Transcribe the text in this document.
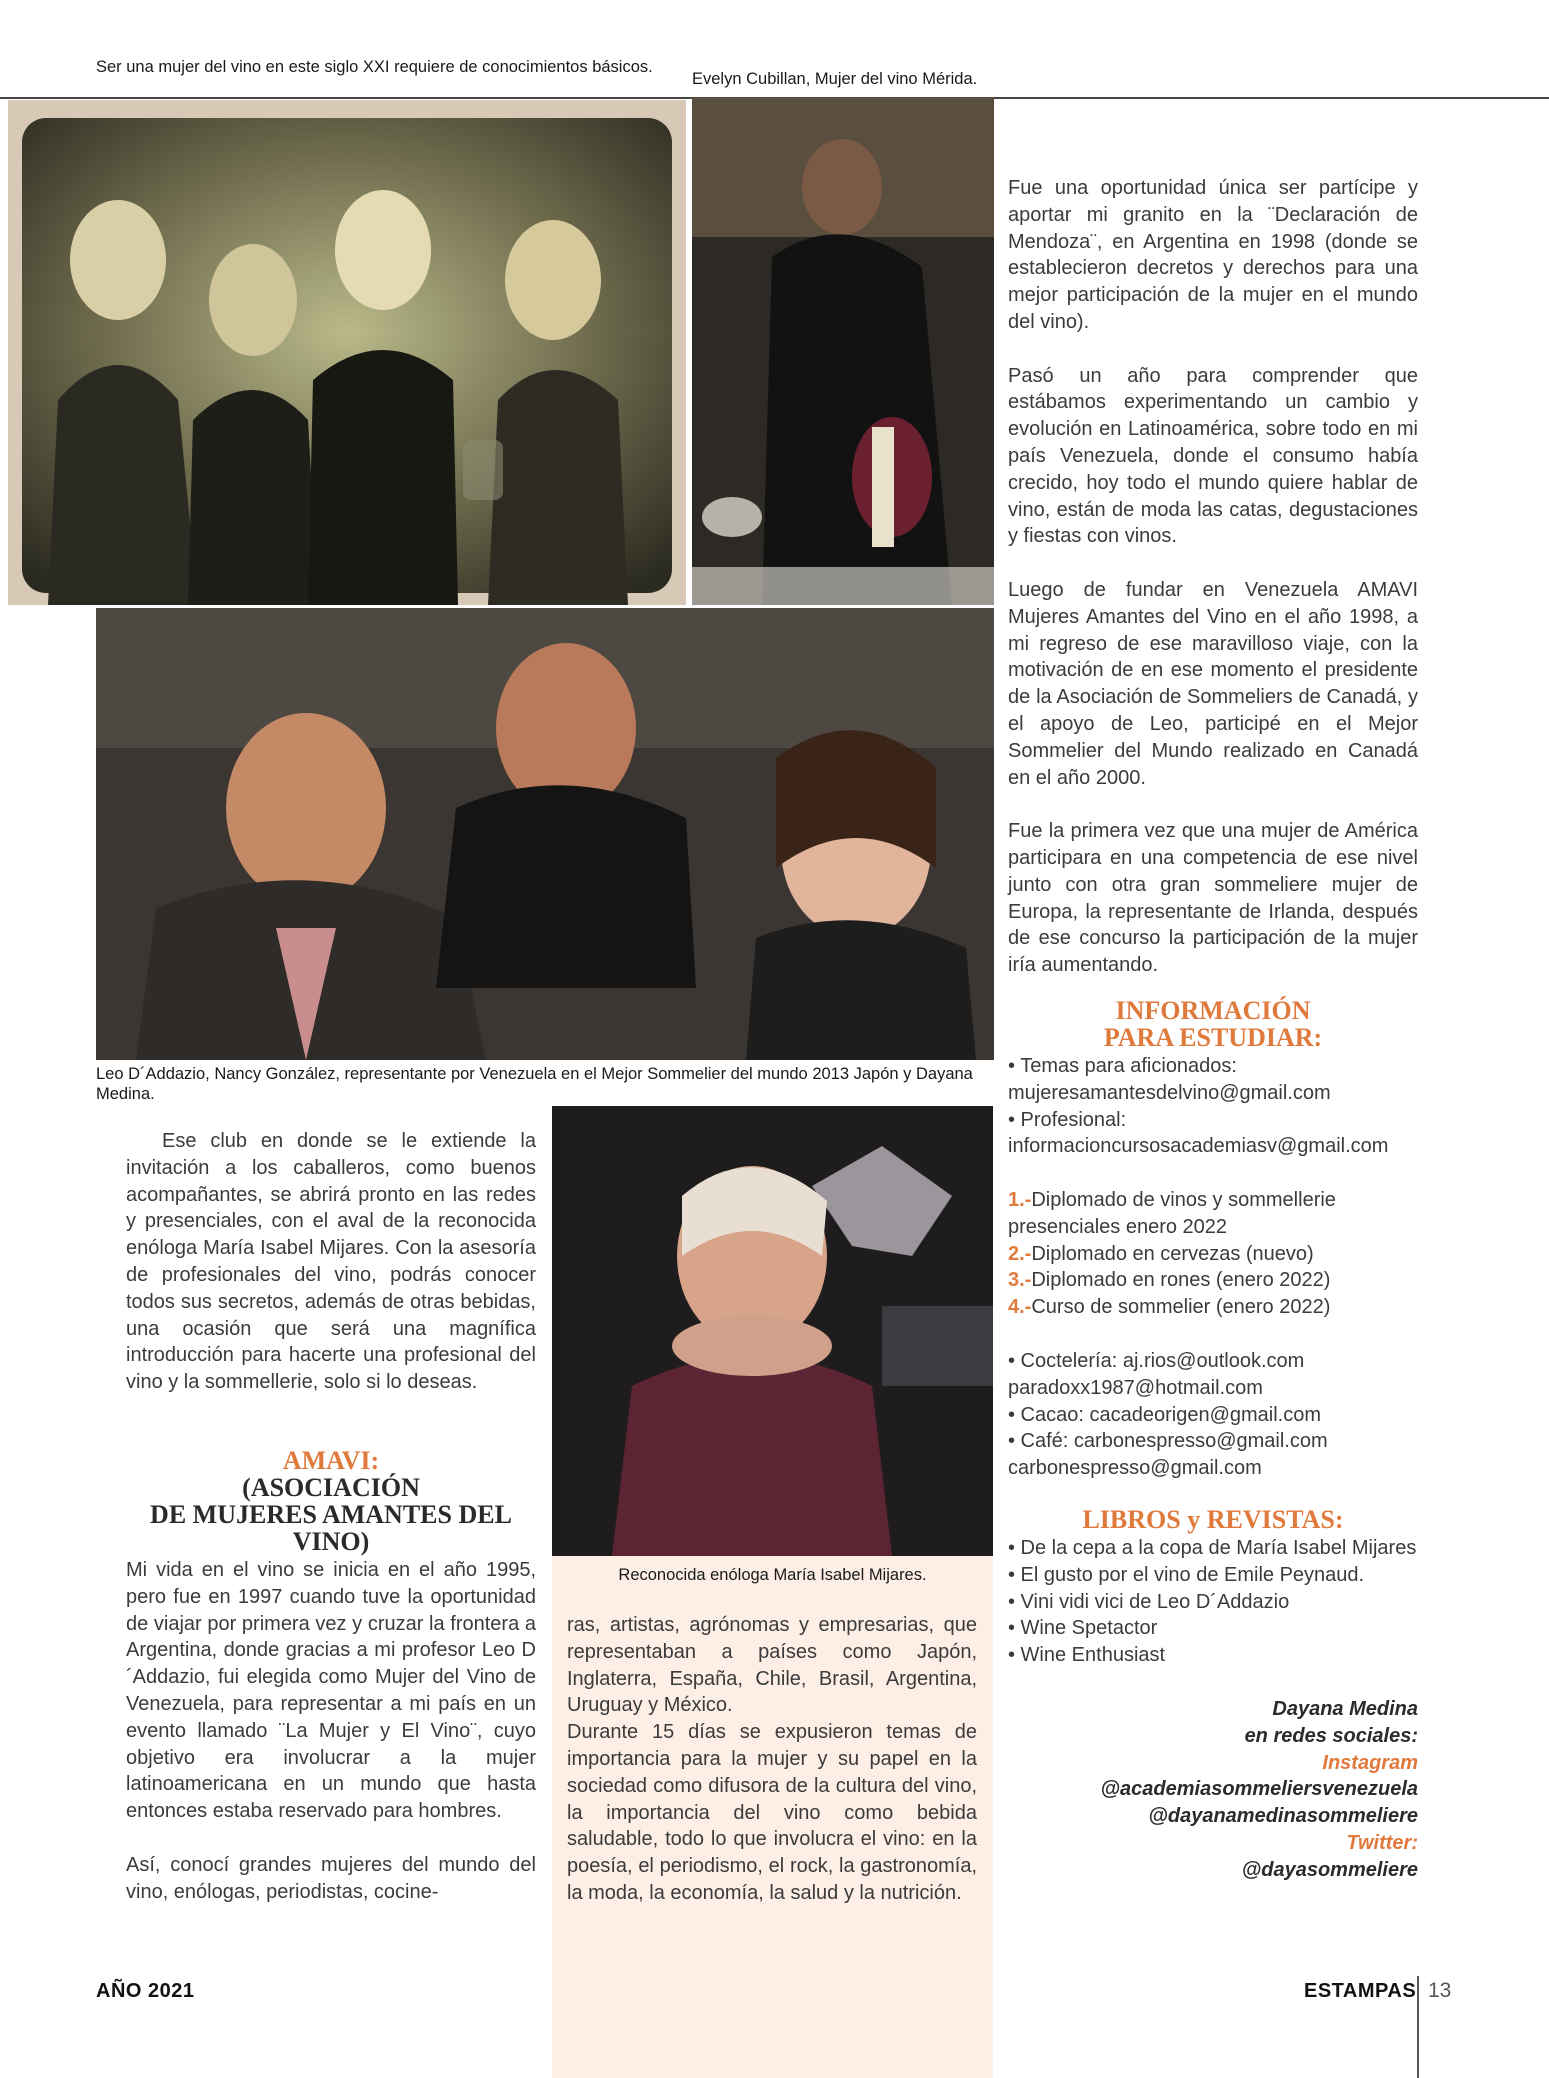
Ser una mujer del vino en este siglo XXI requiere de conocimientos básicos.
Evelyn Cubillan, Mujer del vino Mérida.
Leo D´Addazio, Nancy González, representante por Venezuela en el Mejor Sommelier del mundo 2013 Japón y Dayana Medina.
Reconocida enóloga María Isabel Mijares.

Fue una oportunidad única ser partícipe y aportar mi granito en la ¨Declaración de Mendoza¨, en Argentina en 1998 (donde se establecieron decretos y derechos para una mejor participación de la mujer en el mundo del vino).

Pasó un año para comprender que estábamos experimentando un cambio y evolución en Latinoamérica, sobre todo en mi país Venezuela, donde el consumo había crecido, hoy todo el mundo quiere hablar de vino, están de moda las catas, degustaciones y fiestas con vinos.

Luego de fundar en Venezuela AMAVI Mujeres Amantes del Vino en el año 1998, a mi regreso de ese maravilloso viaje, con la motivación de en ese momento el presidente de la Asociación de Sommeliers de Canadá, y el apoyo de Leo, participé en el Mejor Sommelier del Mundo realizado en Canadá en el año 2000.

Fue la primera vez que una mujer de América participara en una competencia de ese nivel junto con otra gran sommeliere mujer de Europa, la representante de Irlanda, después de ese concurso la participación de la mujer iría aumentando.

INFORMACIÓN
PARA ESTUDIAR:
• Temas para aficionados: mujeresamantesdelvino@gmail.com
• Profesional: informacioncursosacademiasv@gmail.com
1.-Diplomado de vinos y sommellerie presenciales enero 2022
2.-Diplomado en cervezas (nuevo)
3.-Diplomado en rones (enero 2022)
4.-Curso de sommelier (enero 2022)
• Coctelería: aj.rios@outlook.com paradoxx1987@hotmail.com
• Cacao: cacadeorigen@gmail.com
• Café: carbonespresso@gmail.com carbonespresso@gmail.com
LIBROS y REVISTAS:
• De la cepa a la copa de María Isabel Mijares
• El gusto por el vino de Emile Peynaud.
• Vini vidi vici de Leo D´Addazio
• Wine Spetactor
• Wine Enthusiast
Dayana Medina
en redes sociales:
Instagram
@academiasommeliersvenezuela
@dayanamedinasommeliere
Twitter:
@dayasommeliere
Ese club en donde se le extiende la invitación a los caballeros, como buenos acompañantes, se abrirá pronto en las redes y presenciales, con el aval de la reconocida enóloga María Isabel Mijares. Con la asesoría de profesionales del vino, podrás conocer todos sus secretos, además de otras bebidas, una ocasión que será una magnífica introducción para hacerte una profesional del vino y la sommellerie, solo si lo deseas.
AMAVI:
(ASOCIACIÓN
DE MUJERES AMANTES DEL
VINO)

Mi vida en el vino se inicia en el año 1995, pero fue en 1997 cuando tuve la oportunidad de viajar por primera vez y cruzar la frontera a Argentina, donde gracias a mi profesor Leo D´Addazio, fui elegida como Mujer del Vino de Venezuela, para representar a mi país en un evento llamado ¨La Mujer y El Vino¨, cuyo objetivo era involucrar a la mujer latinoamericana en un mundo que hasta entonces estaba reservado para hombres.

Así, conocí grandes mujeres del mundo del vino, enólogas, periodistas, cocine-

ras, artistas, agrónomas y empresarias, que representaban a países como Japón, Inglaterra, España, Chile, Brasil, Argentina, Uruguay y México.
Durante 15 días se expusieron temas de importancia para la mujer y su papel en la sociedad como difusora de la cultura del vino, la importancia del vino como bebida saludable, todo lo que involucra el vino: en la poesía, el periodismo, el rock, la gastronomía, la moda, la economía, la salud y la nutrición.
AÑO 2021	ESTAMPAS 13
